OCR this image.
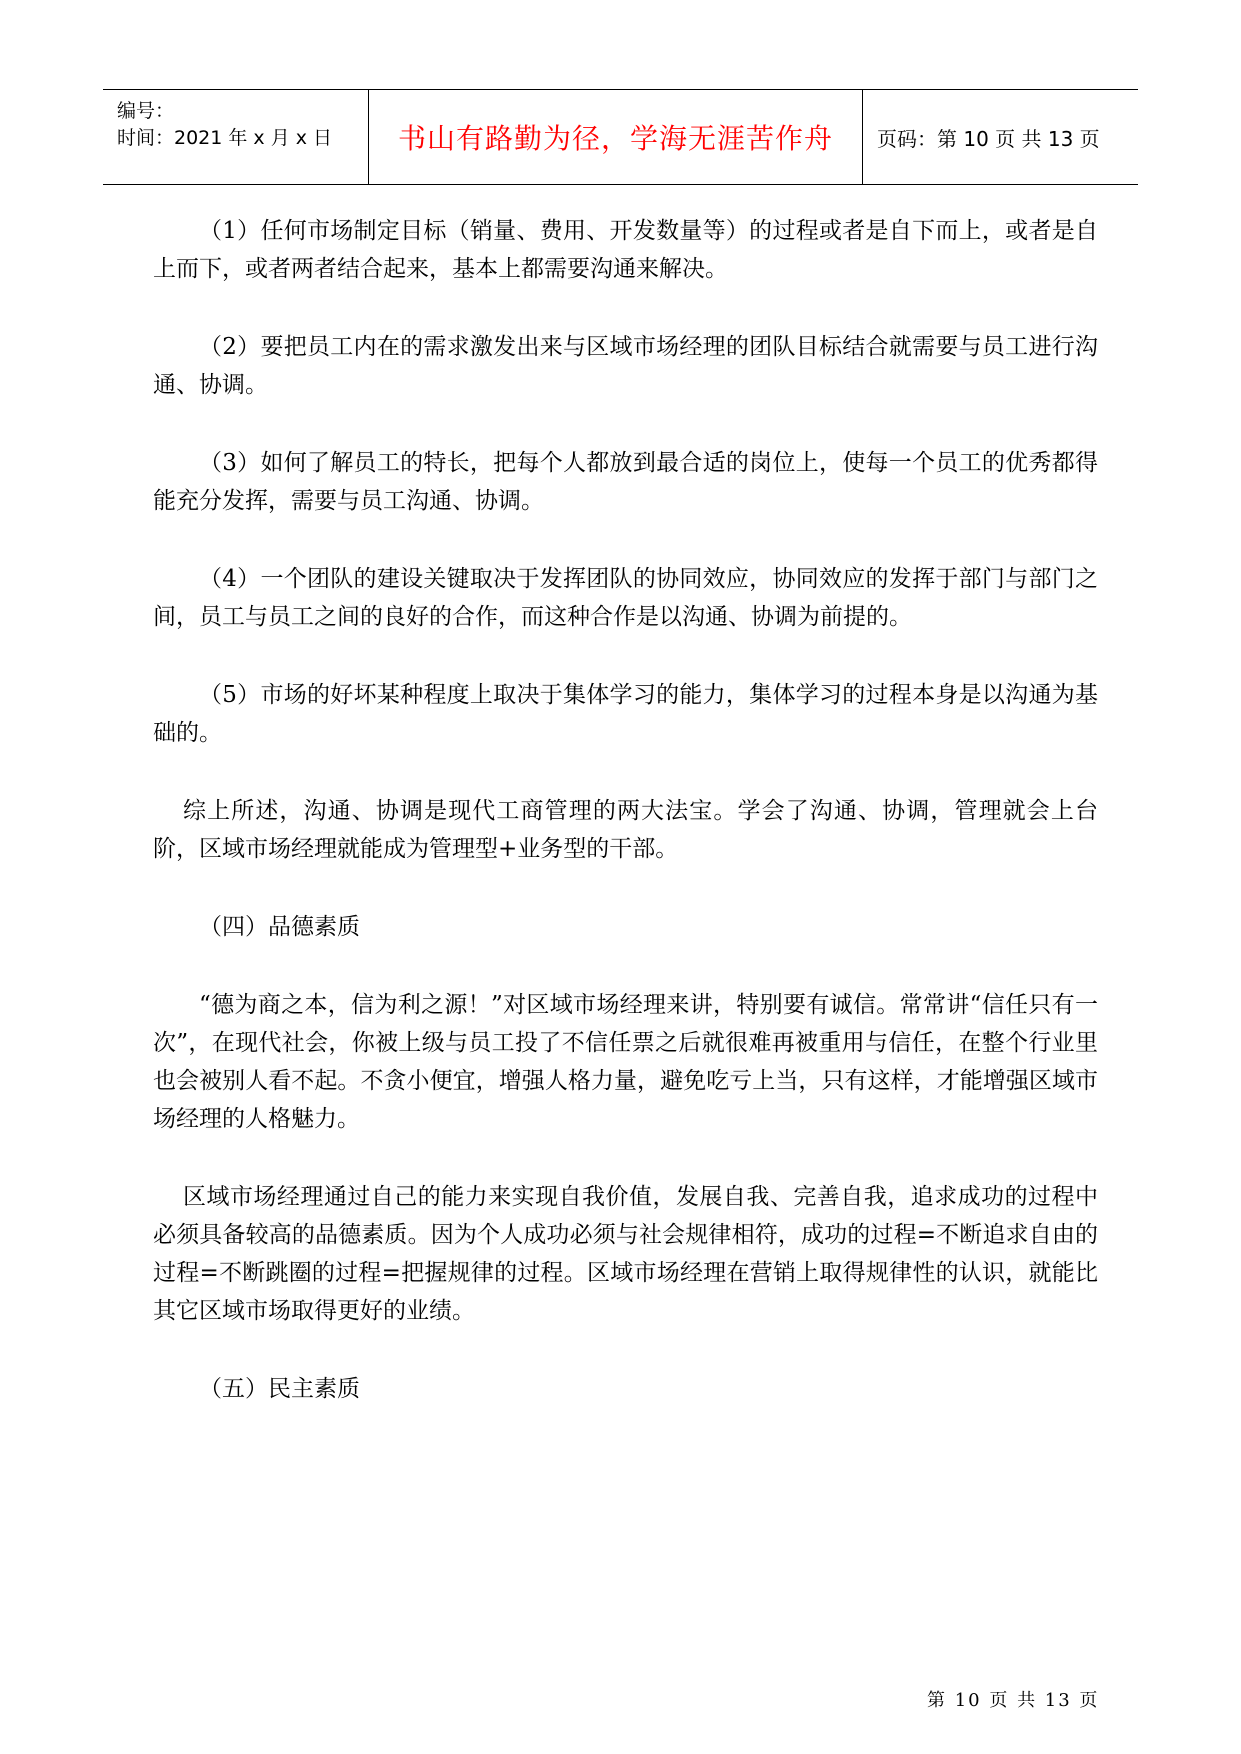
编号：
时间：2021 年 x 月 x 日 书山有路勤为径，学海无涯苦作舟 页码：第 10 页 共 13 页

（1）任何市场制定目标（销量、费用、开发数量等）的过程或者是自下而上，或者是自上而下，或者两者结合起来，基本上都需要沟通来解决。

（2）要把员工内在的需求激发出来与区域市场经理的团队目标结合就需要与员工进行沟通、协调。

（3）如何了解员工的特长，把每个人都放到最合适的岗位上，使每一个员工的优秀都得能充分发挥，需要与员工沟通、协调。

（4）一个团队的建设关键取决于发挥团队的协同效应，协同效应的发挥于部门与部门之间，员工与员工之间的良好的合作，而这种合作是以沟通、协调为前提的。

（5）市场的好坏某种程度上取决于集体学习的能力，集体学习的过程本身是以沟通为基础的。

综上所述，沟通、协调是现代工商管理的两大法宝。学会了沟通、协调，管理就会上台阶，区域市场经理就能成为管理型+业务型的干部。

（四）品德素质

“德为商之本，信为利之源！”对区域市场经理来讲，特别要有诚信。常常讲“信任只有一次”，在现代社会，你被上级与员工投了不信任票之后就很难再被重用与信任，在整个行业里也会被别人看不起。不贪小便宜，增强人格力量，避免吃亏上当，只有这样，才能增强区域市场经理的人格魅力。

区域市场经理通过自己的能力来实现自我价值，发展自我、完善自我，追求成功的过程中必须具备较高的品德素质。因为个人成功必须与社会规律相符，成功的过程=不断追求自由的过程=不断跳圈的过程=把握规律的过程。区域市场经理在营销上取得规律性的认识，就能比其它区域市场取得更好的业绩。

（五）民主素质

第 10 页 共 13 页
